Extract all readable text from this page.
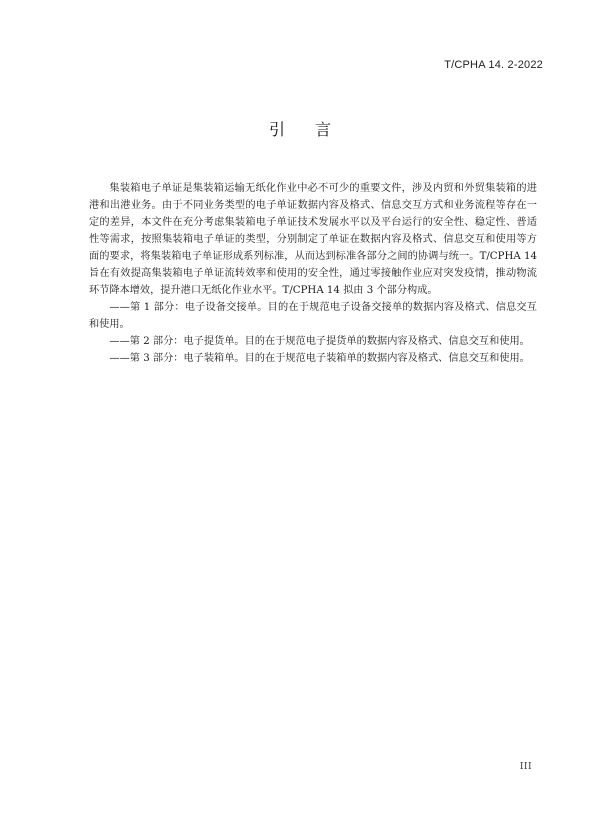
T/CPHA 14. 2-2022
引言

集装箱电子单证是集装箱运输无纸化作业中必不可少的重要文件，涉及内贸和外贸集装箱的进港和出港业务。由于不同业务类型的电子单证数据内容及格式、信息交互方式和业务流程等存在一定的差异，本文件在充分考虑集装箱电子单证技术发展水平以及平台运行的安全性、稳定性、普适性等需求，按照集装箱电子单证的类型，分别制定了单证在数据内容及格式、信息交互和使用等方面的要求，将集装箱电子单证形成系列标准，从而达到标准各部分之间的协调与统一。T/CPHA 14 旨在有效提高集装箱电子单证流转效率和使用的安全性，通过零接触作业应对突发疫情，推动物流环节降本增效，提升港口无纸化作业水平。T/CPHA 14 拟由 3 个部分构成。

——第 1 部分：电子设备交接单。目的在于规范电子设备交接单的数据内容及格式、信息交互和使用。

——第 2 部分：电子提货单。目的在于规范电子提货单的数据内容及格式、信息交互和使用。

——第 3 部分：电子装箱单。目的在于规范电子装箱单的数据内容及格式、信息交互和使用。

III
